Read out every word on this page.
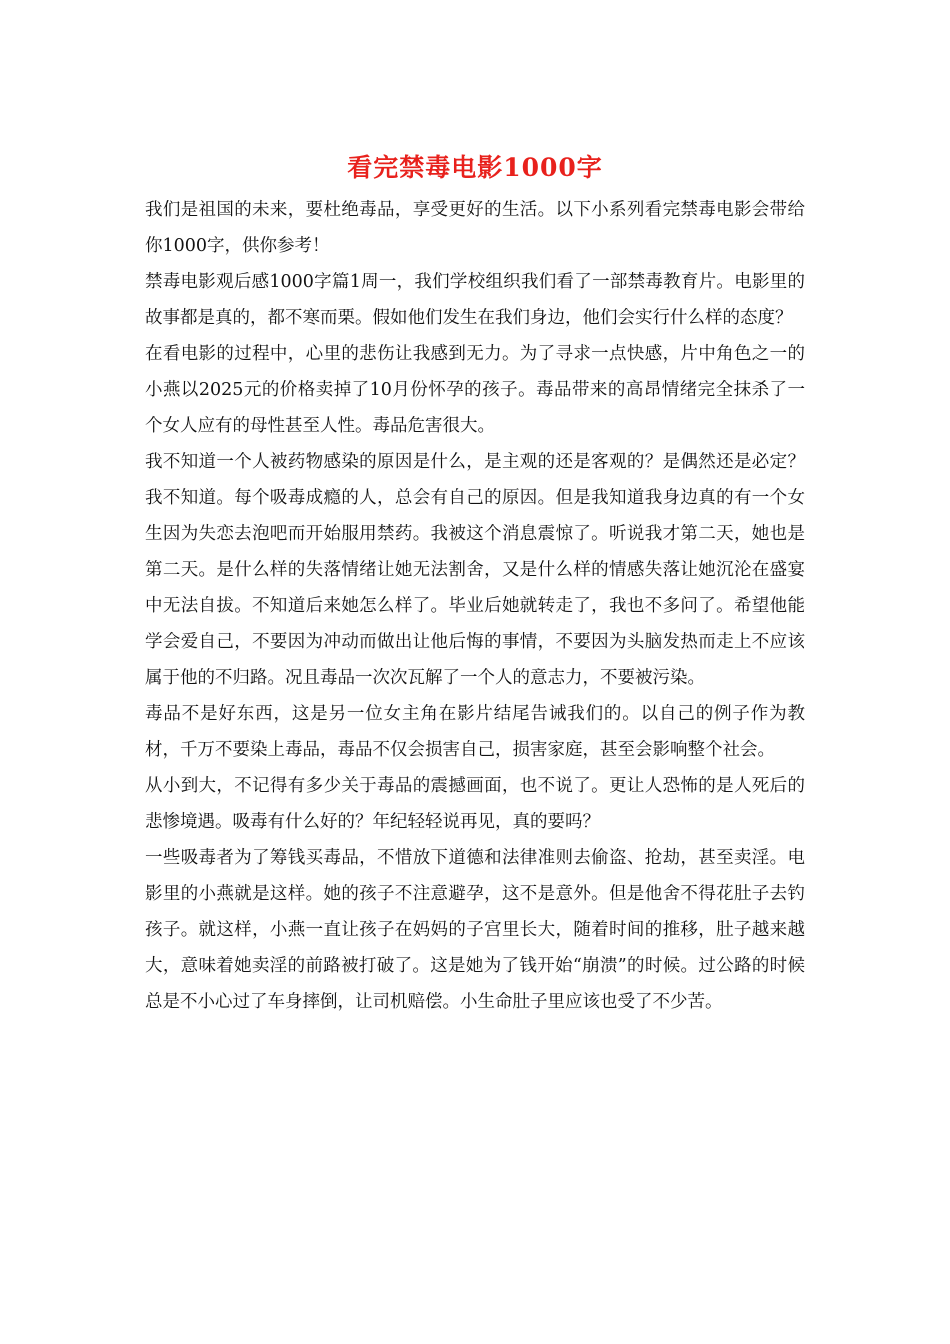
看完禁毒电影1000字

我们是祖国的未来，要杜绝毒品，享受更好的生活。以下小系列看完禁毒电影会带给你1000字，供你参考！

禁毒电影观后感1000字篇1周一，我们学校组织我们看了一部禁毒教育片。电影里的故事都是真的，都不寒而栗。假如他们发生在我们身边，他们会实行什么样的态度？

在看电影的过程中，心里的悲伤让我感到无力。为了寻求一点快感，片中角色之一的小燕以2025元的价格卖掉了10月份怀孕的孩子。毒品带来的高昂情绪完全抹杀了一个女人应有的母性甚至人性。毒品危害很大。

我不知道一个人被药物感染的原因是什么，是主观的还是客观的？是偶然还是必定？我不知道。每个吸毒成瘾的人，总会有自己的原因。但是我知道我身边真的有一个女生因为失恋去泡吧而开始服用禁药。我被这个消息震惊了。听说我才第二天，她也是第二天。是什么样的失落情绪让她无法割舍，又是什么样的情感失落让她沉沦在盛宴中无法自拔。不知道后来她怎么样了。毕业后她就转走了，我也不多问了。希望他能学会爱自己，不要因为冲动而做出让他后悔的事情，不要因为头脑发热而走上不应该属于他的不归路。况且毒品一次次瓦解了一个人的意志力，不要被污染。

毒品不是好东西，这是另一位女主角在影片结尾告诫我们的。以自己的例子作为教材，千万不要染上毒品，毒品不仅会损害自己，损害家庭，甚至会影响整个社会。

从小到大，不记得有多少关于毒品的震撼画面，也不说了。更让人恐怖的是人死后的悲惨境遇。吸毒有什么好的？年纪轻轻说再见，真的要吗？

一些吸毒者为了筹钱买毒品，不惜放下道德和法律准则去偷盗、抢劫，甚至卖淫。电影里的小燕就是这样。她的孩子不注意避孕，这不是意外。但是他舍不得花肚子去钓孩子。就这样，小燕一直让孩子在妈妈的子宫里长大，随着时间的推移，肚子越来越大，意味着她卖淫的前路被打破了。这是她为了钱开始“崩溃”的时候。过公路的时候总是不小心过了车身摔倒，让司机赔偿。小生命肚子里应该也受了不少苦。
